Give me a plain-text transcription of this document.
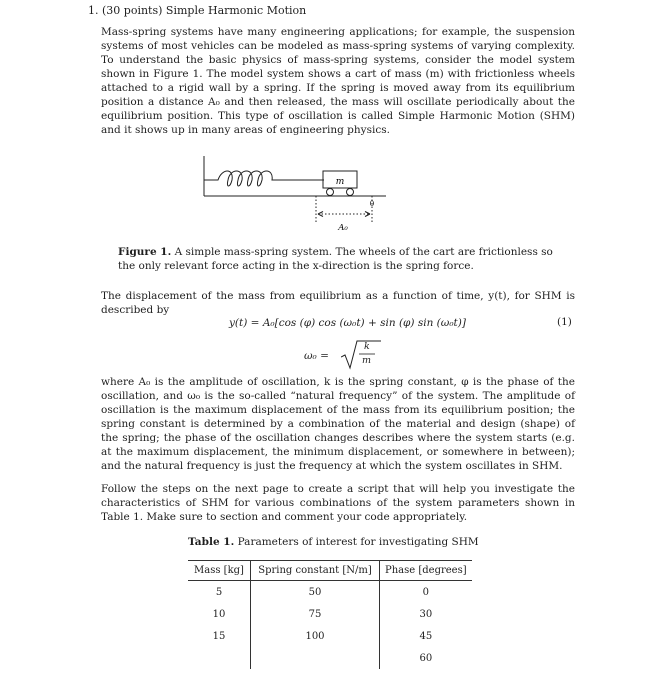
1. (30 points) Simple Harmonic Motion

Mass-spring systems have many engineering applications; for example, the suspension systems of most vehicles can be modeled as mass-spring systems of varying complexity. To understand the basic physics of mass-spring systems, consider the model system shown in Figure 1. The model system shows a cart of mass (m) with frictionless wheels attached to a rigid wall by a spring. If the spring is moved away from its equilibrium position a distance A₀ and then released, the mass will oscillate periodically about the equilibrium position. This type of oscillation is called Simple Harmonic Motion (SHM) and it shows up in many areas of engineering physics.

m
0
A₀

Figure 1. A simple mass-spring system. The wheels of the cart are frictionless so the only relevant force acting in the x-direction is the spring force.

The displacement of the mass from equilibrium as a function of time, y(t), for SHM is described by

y(t) = A₀[cos (φ) cos (ω₀t) + sin (φ) sin (ω₀t)]	(1)
ω₀ =
k
m

where A₀ is the amplitude of oscillation, k is the spring constant, φ is the phase of the oscillation, and ω₀ is the so-called “natural frequency” of the system. The amplitude of oscillation is the maximum displacement of the mass from its equilibrium position; the spring constant is determined by a combination of the material and design (shape) of the spring; the phase of the oscillation changes describes where the system starts (e.g. at the maximum displacement, the minimum displacement, or somewhere in between); and the natural frequency is just the frequency at which the system oscillates in SHM.

Follow the steps on the next page to create a script that will help you investigate the characteristics of SHM for various combinations of the system parameters shown in Table 1. Make sure to section and comment your code appropriately.

Table 1. Parameters of interest for investigating SHM
Mass [kg]	Spring constant [N/m]	Phase [degrees]
5	50	0
10	75	30
15	100	45
		60
